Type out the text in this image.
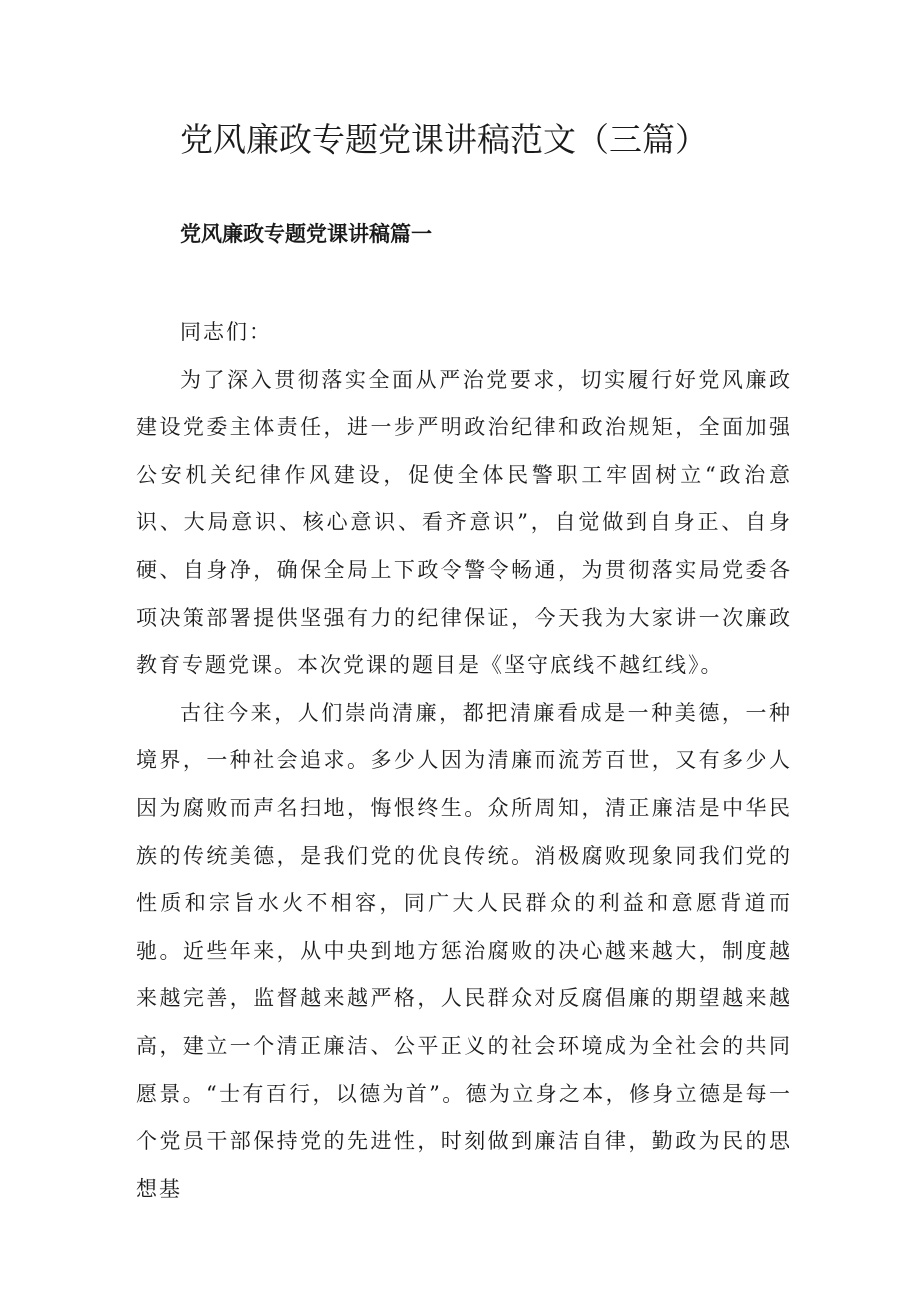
党风廉政专题党课讲稿范文（三篇）
党风廉政专题党课讲稿篇一

同志们：

为了深入贯彻落实全面从严治党要求，切实履行好党风廉政建设党委主体责任，进一步严明政治纪律和政治规矩，全面加强公安机关纪律作风建设，促使全体民警职工牢固树立“政治意识、大局意识、核心意识、看齐意识”，自觉做到自身正、自身硬、自身净，确保全局上下政令警令畅通，为贯彻落实局党委各项决策部署提供坚强有力的纪律保证，今天我为大家讲一次廉政教育专题党课。本次党课的题目是《坚守底线不越红线》。

古往今来，人们崇尚清廉，都把清廉看成是一种美德，一种境界，一种社会追求。多少人因为清廉而流芳百世，又有多少人因为腐败而声名扫地，悔恨终生。众所周知，清正廉洁是中华民族的传统美德，是我们党的优良传统。消极腐败现象同我们党的性质和宗旨水火不相容，同广大人民群众的利益和意愿背道而驰。近些年来，从中央到地方惩治腐败的决心越来越大，制度越来越完善，监督越来越严格，人民群众对反腐倡廉的期望越来越高，建立一个清正廉洁、公平正义的社会环境成为全社会的共同愿景。“士有百行，以德为首”。德为立身之本，修身立德是每一个党员干部保持党的先进性，时刻做到廉洁自律，勤政为民的思想基
